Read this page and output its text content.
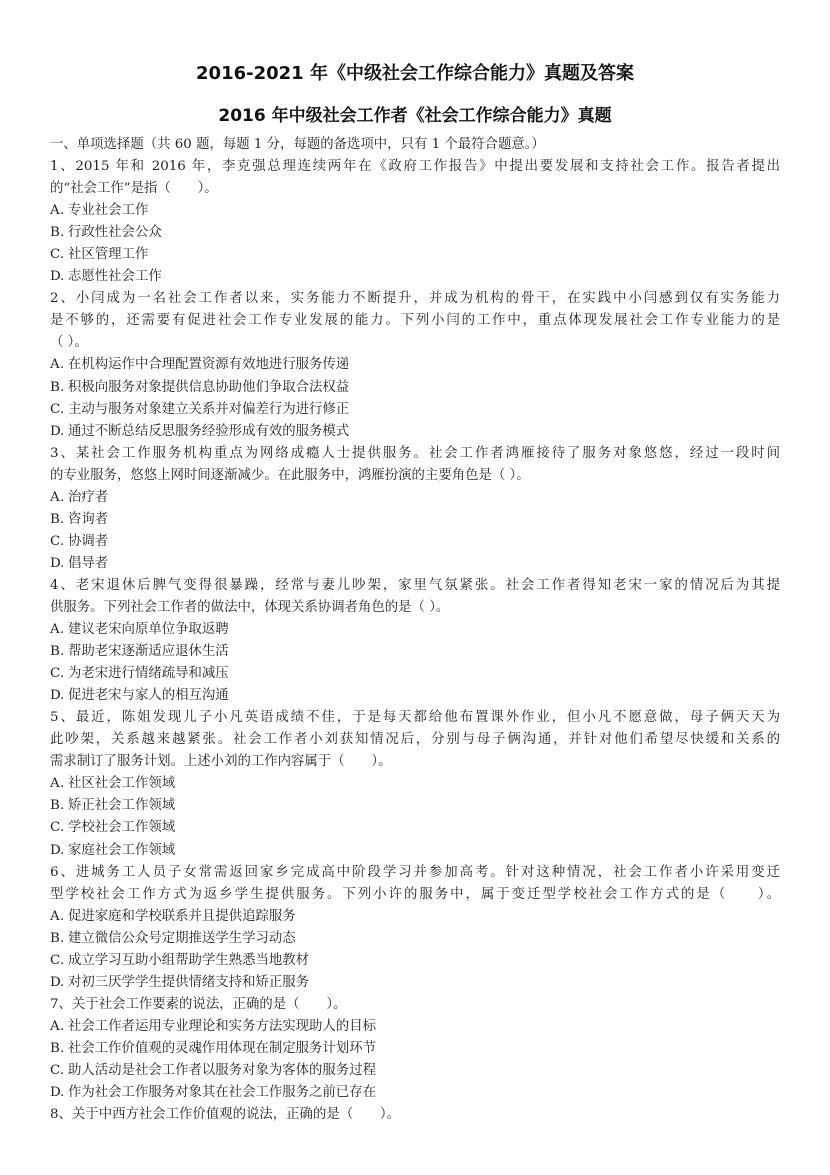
2016-2021 年《中级社会工作综合能力》真题及答案
2016 年中级社会工作者《社会工作综合能力》真题
一、单项选择题（共 60 题，每题 1 分，每题的备选项中，只有 1 个最符合题意。）
1、2015 年和 2016 年，李克强总理连续两年在《政府工作报告》中提出要发展和支持社会工作。报告者提出
的“社会工作”是指（　　）。
A. 专业社会工作
B. 行政性社会公众
C. 社区管理工作
D. 志愿性社会工作
2、小闫成为一名社会工作者以来，实务能力不断提升，并成为机构的骨干，在实践中小闫感到仅有实务能力
是不够的，还需要有促进社会工作专业发展的能力。下列小闫的工作中，重点体现发展社会工作专业能力的是
（ ）。
A. 在机构运作中合理配置资源有效地进行服务传递
B. 积极向服务对象提供信息协助他们争取合法权益
C. 主动与服务对象建立关系并对偏差行为进行修正
D. 通过不断总结反思服务经验形成有效的服务模式
3、某社会工作服务机构重点为网络成瘾人士提供服务。社会工作者鸿雁接待了服务对象悠悠，经过一段时间
的专业服务，悠悠上网时间逐渐减少。在此服务中，鸿雁扮演的主要角色是（ ）。
A. 治疗者
B. 咨询者
C. 协调者
D. 倡导者
4、老宋退休后脾气变得很暴躁，经常与妻儿吵架，家里气氛紧张。社会工作者得知老宋一家的情况后为其提
供服务。下列社会工作者的做法中，体现关系协调者角色的是（ ）。
A. 建议老宋向原单位争取返聘
B. 帮助老宋逐渐适应退休生活
C. 为老宋进行情绪疏导和减压
D. 促进老宋与家人的相互沟通
5、最近，陈姐发现儿子小凡英语成绩不佳，于是每天都给他布置课外作业，但小凡不愿意做，母子俩天天为
此吵架，关系越来越紧张。社会工作者小刘获知情况后，分别与母子俩沟通，并针对他们希望尽快缓和关系的
需求制订了服务计划。上述小刘的工作内容属于（　　）。
A. 社区社会工作领域
B. 矫正社会工作领域
C. 学校社会工作领域
D. 家庭社会工作领域
6、进城务工人员子女常需返回家乡完成高中阶段学习并参加高考。针对这种情况，社会工作者小许采用变迁
型学校社会工作方式为返乡学生提供服务。下列小许的服务中，属于变迁型学校社会工作方式的是（　　）。
A. 促进家庭和学校联系并且提供追踪服务
B. 建立微信公众号定期推送学生学习动态
C. 成立学习互助小组帮助学生熟悉当地教材
D. 对初三厌学学生提供情绪支持和矫正服务
7、关于社会工作要素的说法，正确的是（　　）。
A. 社会工作者运用专业理论和实务方法实现助人的目标
B. 社会工作价值观的灵魂作用体现在制定服务计划环节
C. 助人活动是社会工作者以服务对象为客体的服务过程
D. 作为社会工作服务对象其在社会工作服务之前已存在
8、关于中西方社会工作价值观的说法，正确的是（　　）。
